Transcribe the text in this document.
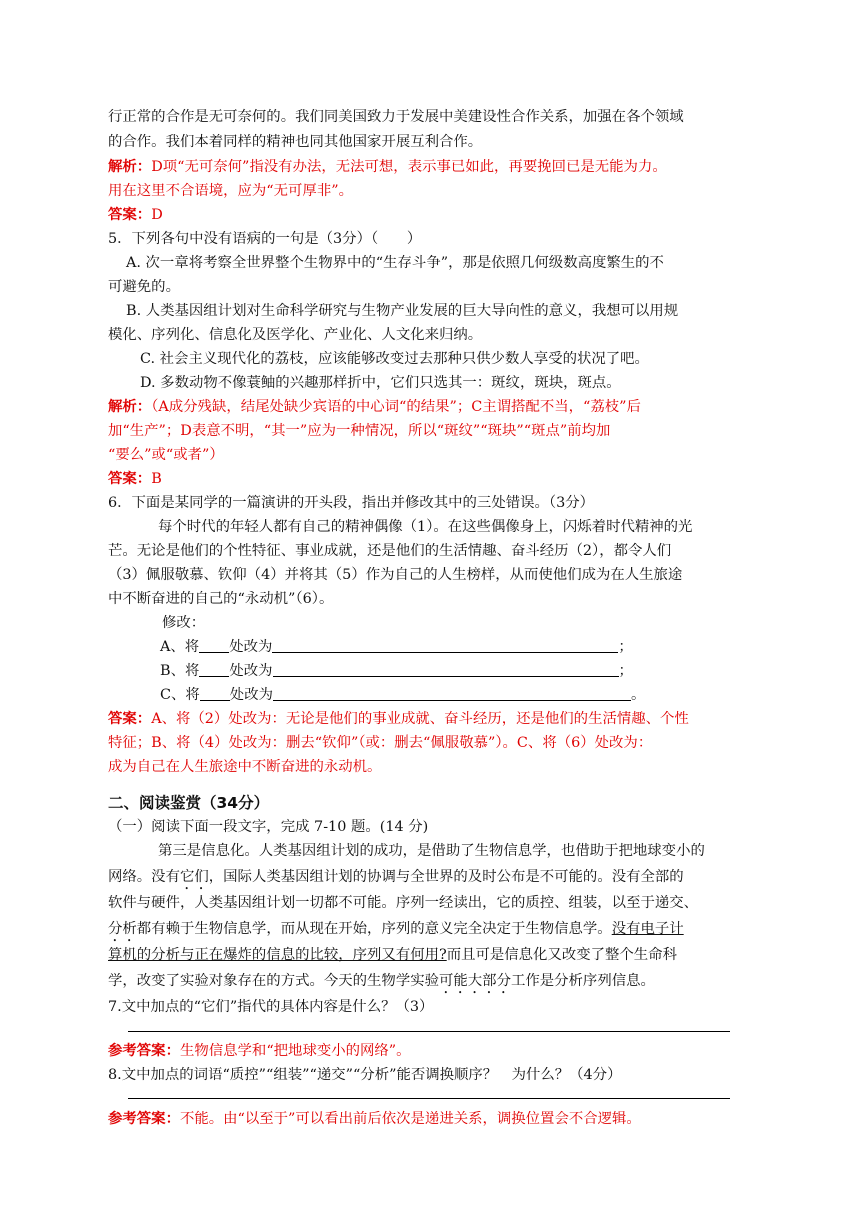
行正常的合作是无可奈何的。我们同美国致力于发展中美建设性合作关系，加强在各个领域
的合作。我们本着同样的精神也同其他国家开展互利合作。
解析：D项“无可奈何”指没有办法，无法可想，表示事已如此，再要挽回已是无能为力。
用在这里不合语境，应为“无可厚非”。
答案：D
5．下列各句中没有语病的一句是（3分）（　　）
A. 次一章将考察全世界整个生物界中的“生存斗争”，那是依照几何级数高度繁生的不
可避免的。
B. 人类基因组计划对生命科学研究与生物产业发展的巨大导向性的意义，我想可以用规
模化、序列化、信息化及医学化、产业化、人文化来归纳。
C. 社会主义现代化的荔枝，应该能够改变过去那种只供少数人享受的状况了吧。
D. 多数动物不像蓑鲉的兴趣那样折中，它们只选其一：斑纹，斑块，斑点。
解析：（A成分残缺，结尾处缺少宾语的中心词“的结果”；C主谓搭配不当，“荔枝”后
加“生产”；D表意不明，“其一”应为一种情况，所以“斑纹”“斑块”“斑点”前均加
“要么”或“或者”）
答案：B
6．下面是某同学的一篇演讲的开头段，指出并修改其中的三处错误。（3分）
每个时代的年轻人都有自己的精神偶像（1）。在这些偶像身上，闪烁着时代精神的光
芒。无论是他们的个性特征、事业成就，还是他们的生活情趣、奋斗经历（2），都令人们
（3）佩服敬慕、钦仰（4）并将其（5）作为自己的人生榜样，从而使他们成为在人生旅途
中不断奋进的自己的“永动机”（6）。
修改：
A、将 处改为	；
B、将 处改为	；
C、将 处改为	。
答案：A、将（2）处改为：无论是他们的事业成就、奋斗经历，还是他们的生活情趣、个性
特征；B、将（4）处改为：删去“钦仰”（或：删去“佩服敬慕”）。C、将（6）处改为：
成为自己在人生旅途中不断奋进的永动机。
二、阅读鉴赏（34分）
（一）阅读下面一段文字，完成 7-10 题。(14 分)
第三是信息化。人类基因组计划的成功，是借助了生物信息学，也借助于把地球变小的
网络。没有它们，国际人类基因组计划的协调与全世界的及时公布是不可能的。没有全部的
软件与硬件，人类基因组计划一切都不可能。序列一经读出，它的质控、组装，以至于递交、
分析都有赖于生物信息学，而从现在开始，序列的意义完全决定于生物信息学。没有电子计
算机的分析与正在爆炸的信息的比较，序列又有何用?而且可是信息化又改变了整个生命科
学，改变了实验对象存在的方式。今天的生物学实验可能大部分工作是分析序列信息。
7.文中加点的“它们”指代的具体内容是什么？（3）
参考答案：生物信息学和“把地球变小的网络”。
8.文中加点的词语“质控”“组装”“递交”“分析”能否调换顺序？　为什么？（4分）
参考答案：不能。由“以至于”可以看出前后依次是递进关系，调换位置会不合逻辑。
